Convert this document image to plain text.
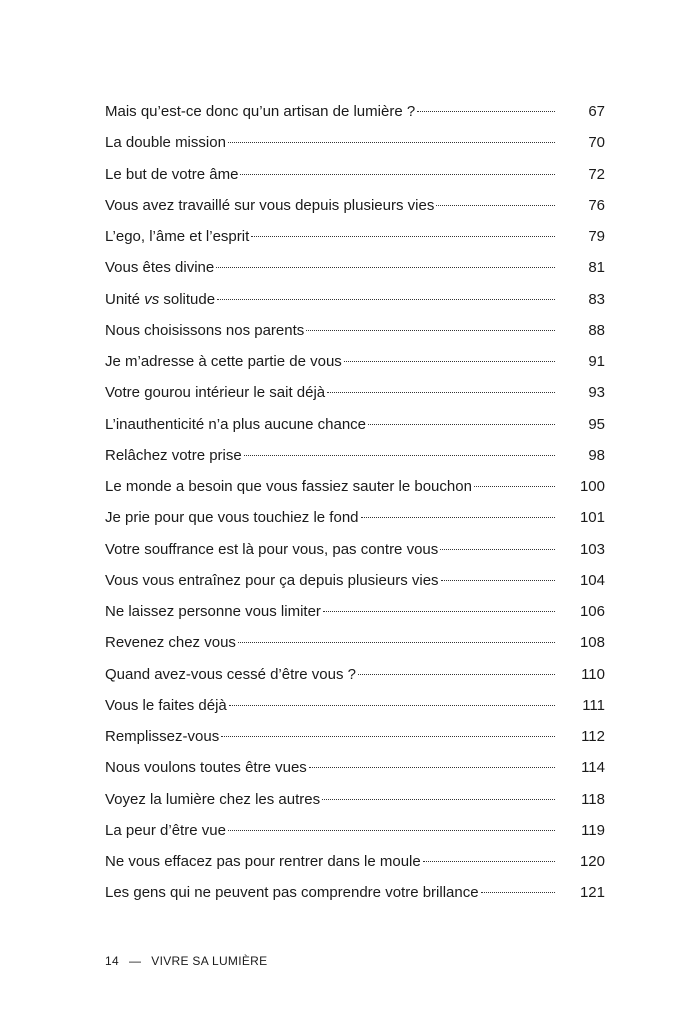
Mais qu’est-ce donc qu’un artisan de lumière ?	67
La double mission	70
Le but de votre âme	72
Vous avez travaillé sur vous depuis plusieurs vies	76
L’ego, l’âme et l’esprit	79
Vous êtes divine	81
Unité vs solitude	83
Nous choisissons nos parents	88
Je m’adresse à cette partie de vous	91
Votre gourou intérieur le sait déjà	93
L’inauthenticité n’a plus aucune chance	95
Relâchez votre prise	98
Le monde a besoin que vous fassiez sauter le bouchon	100
Je prie pour que vous touchiez le fond	101
Votre souffrance est là pour vous, pas contre vous	103
Vous vous entraînez pour ça depuis plusieurs vies	104
Ne laissez personne vous limiter	106
Revenez chez vous	108
Quand avez-vous cessé d’être vous ?	110
Vous le faites déjà	111
Remplissez-vous	112
Nous voulons toutes être vues	114
Voyez la lumière chez les autres	118
La peur d’être vue	119
Ne vous effacez pas pour rentrer dans le moule	120
Les gens qui ne peuvent pas comprendre votre brillance	121
14 — VIVRE SA LUMIÈRE
